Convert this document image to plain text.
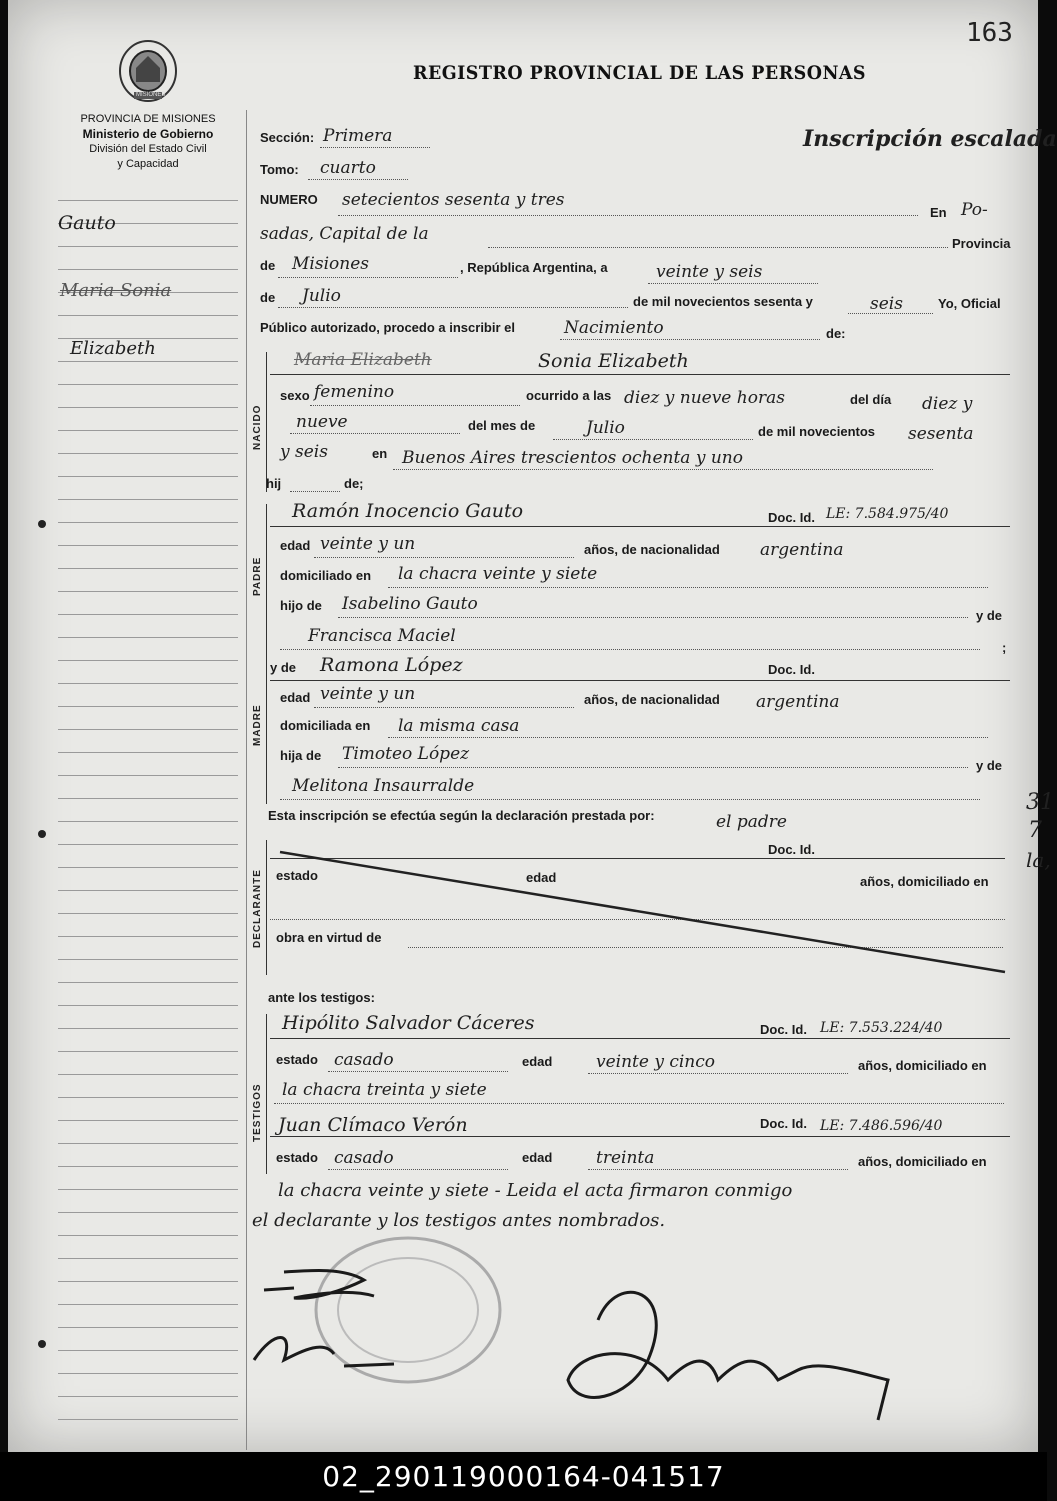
163
MISIONES
REGISTRO PROVINCIAL DE LAS PERSONAS
PROVINCIA DE MISIONES
Ministerio de Gobierno
División del Estado Civil
y Capacidad
Gauto
Maria Sonia
Elizabeth
Inscripción escalada
Sección: Primera
Tomo: cuarto
NUMERO setecientos sesenta y tres
En Po-
sadas, Capital de la	Provincia
de Misiones	, República Argentina, a	veinte y seis
de Julio	de mil novecientos sesenta y	seis	Yo, Oficial
Público autorizado, procedo a inscribir el	Nacimiento	de:
NACIDO
Maria Elizabeth	Sonia Elizabeth
sexo femenino	ocurrido a las diez y nueve horas	del día diez y
nueve	del mes de	Julio	de mil novecientos sesenta
y seis	en Buenos Aires trescientos ochenta y uno
hij	de;
PADRE
Ramón Inocencio Gauto	Doc. Id. LE: 7.584.975/40
edad veinte y un	años, de nacionalidad argentina
domiciliado en la chacra veinte y siete
hijo de Isabelino Gauto
y de
Francisca Maciel
;
MADRE
y de Ramona López	Doc. Id.
edad veinte y un	años, de nacionalidad argentina
domiciliada en la misma casa
hija de Timoteo López
y de
Melitona Insaurralde
Esta inscripción se efectúa según la declaración prestada por:	el padre
DECLARANTE
Doc. Id.
estado	edad	años, domiciliado en
obra en virtud de
ante los testigos:
TESTIGOS
Hipólito Salvador Cáceres	Doc. Id. LE: 7.553.224/40
estado casado	edad	veinte y cinco	años, domiciliado en
la chacra treinta y siete
Juan Clímaco Verón	Doc. Id. LE: 7.486.596/40
estado casado	edad	treinta	años, domiciliado en
la chacra veinte y siete - Leida el acta firmaron conmigo
el declarante y los testigos antes nombrados.
31
7
la,
02_290119000164-041517
